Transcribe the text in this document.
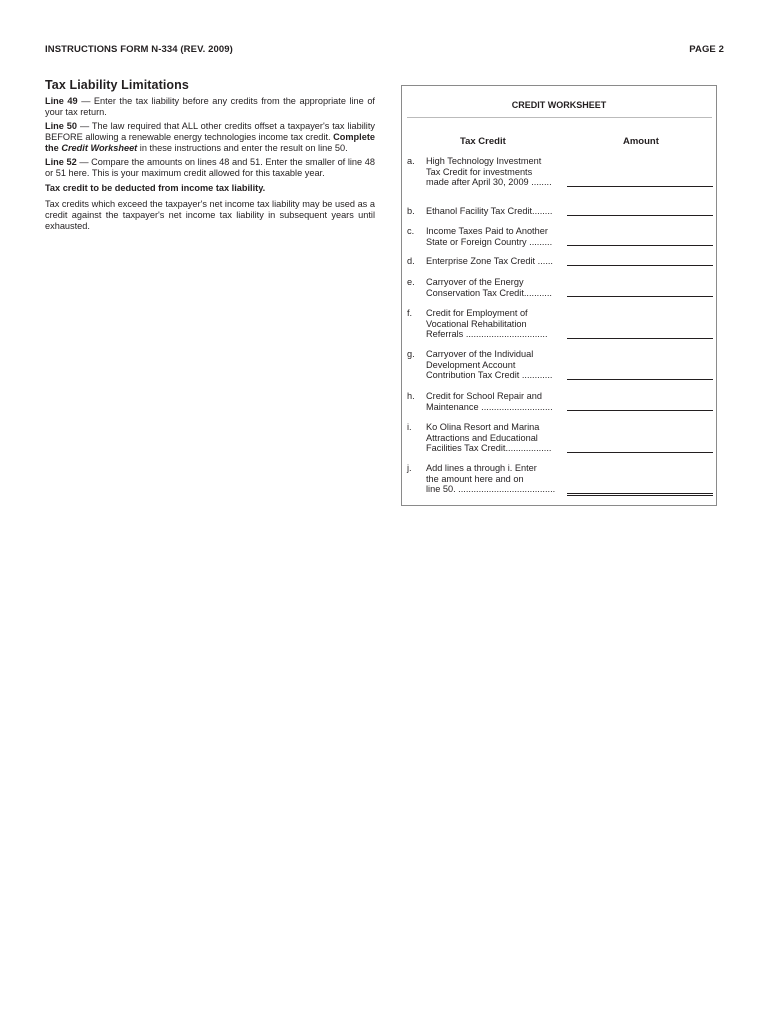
INSTRUCTIONS FORM N-334 (REV. 2009)	PAGE 2
Tax Liability Limitations

Line 49 — Enter the tax liability before any credits from the appropriate line of your tax return.

Line 50 — The law required that ALL other credits offset a taxpayer's tax liability BEFORE allowing a renewable energy technologies income tax credit. Complete the Credit Worksheet in these instructions and enter the result on line 50.

Line 52 — Compare the amounts on lines 48 and 51. Enter the smaller of line 48 or 51 here. This is your maximum credit allowed for this taxable year.

Tax credit to be deducted from income tax liability.

Tax credits which exceed the taxpayer's net income tax liability may be used as a credit against the taxpayer's net income tax liability in subsequent years until exhausted.

CREDIT WORKSHEET
Tax Credit	Amount
a. High Technology Investment
Tax Credit for investments
made after April 30, 2009 ........
b. Ethanol Facility Tax Credit........
c. Income Taxes Paid to Another
State or Foreign Country .........
d. Enterprise Zone Tax Credit ......
e. Carryover of the Energy
Conservation Tax Credit...........
f. Credit for Employment of
Vocational Rehabilitation
Referrals ................................
g. Carryover of the Individual
Development Account
Contribution Tax Credit ............
h. Credit for School Repair and
Maintenance ............................
i. Ko Olina Resort and Marina
Attractions and Educational
Facilities Tax Credit..................
j. Add lines a through i. Enter
the amount here and on
line 50. ......................................
